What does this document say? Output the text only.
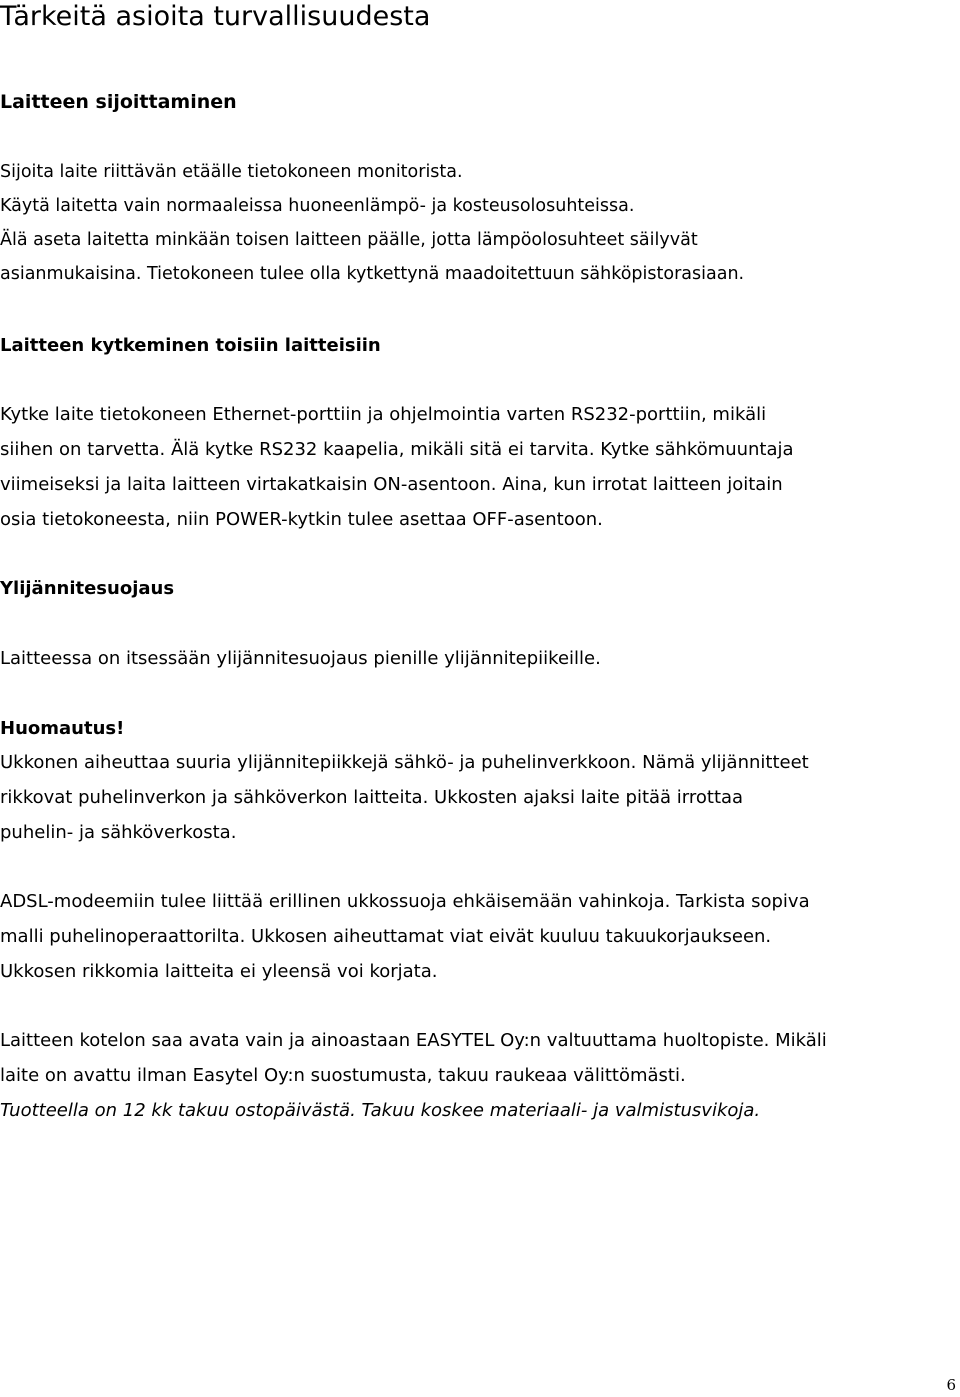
Tärkeitä asioita turvallisuudesta
Laitteen sijoittaminen

Sijoita laite riittävän etäälle tietokoneen monitorista.
Käytä laitetta vain normaaleissa huoneenlämpö- ja kosteusolosuhteissa.
Älä aseta laitetta minkään toisen laitteen päälle, jotta lämpöolosuhteet säilyvät
asianmukaisina. Tietokoneen tulee olla kytkettynä maadoitettuun sähköpistorasiaan.

Laitteen kytkeminen toisiin laitteisiin

Kytke laite tietokoneen Ethernet-porttiin ja ohjelmointia varten RS232-porttiin, mikäli
siihen on tarvetta. Älä kytke RS232 kaapelia, mikäli sitä ei tarvita. Kytke sähkömuuntaja
viimeiseksi ja laita laitteen virtakatkaisin ON-asentoon. Aina, kun irrotat laitteen joitain
osia tietokoneesta, niin POWER-kytkin tulee asettaa OFF-asentoon.

Ylijännitesuojaus

Laitteessa on itsessään ylijännitesuojaus pienille ylijännitepiikeille.

Huomautus!

Ukkonen aiheuttaa suuria ylijännitepiikkejä sähkö- ja puhelinverkkoon. Nämä ylijännitteet
rikkovat puhelinverkon ja sähköverkon laitteita. Ukkosten ajaksi laite pitää irrottaa
puhelin- ja sähköverkosta.

ADSL-modeemiin tulee liittää erillinen ukkossuoja ehkäisemään vahinkoja. Tarkista sopiva
malli puhelinoperaattorilta. Ukkosen aiheuttamat viat eivät kuuluu takuukorjaukseen.
Ukkosen rikkomia laitteita ei yleensä voi korjata.

Laitteen kotelon saa avata vain ja ainoastaan EASYTEL Oy:n valtuuttama huoltopiste. Mikäli
laite on avattu ilman Easytel Oy:n suostumusta, takuu raukeaa välittömästi.
Tuotteella on 12 kk takuu ostopäivästä. Takuu koskee materiaali- ja valmistusvikoja.

6
